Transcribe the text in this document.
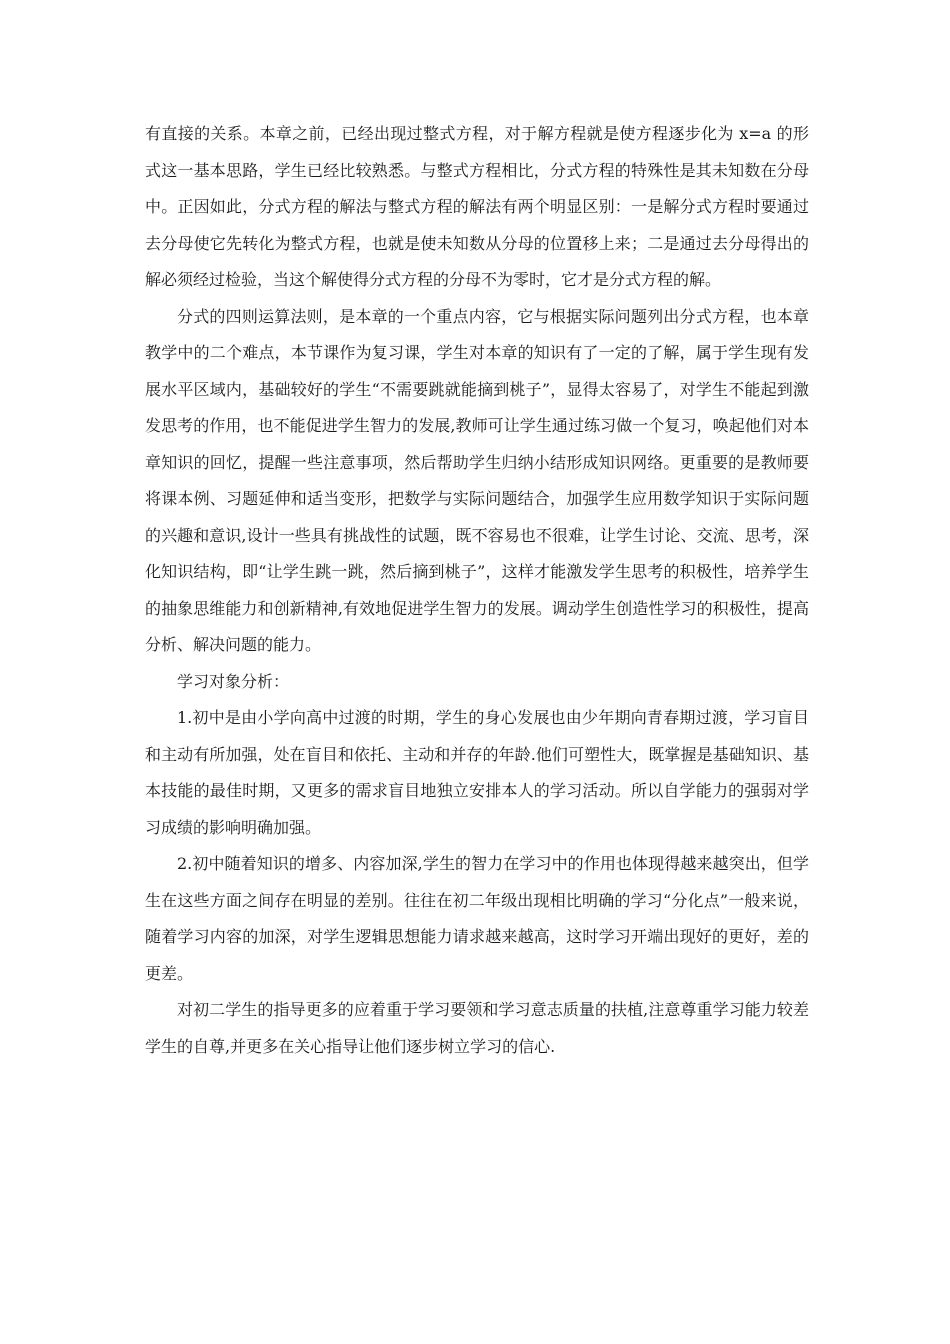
有直接的关系。本章之前，已经出现过整式方程，对于解方程就是使方程逐步化为 x=a 的形式这一基本思路，学生已经比较熟悉。与整式方程相比，分式方程的特殊性是其未知数在分母中。正因如此，分式方程的解法与整式方程的解法有两个明显区别：一是解分式方程时要通过去分母使它先转化为整式方程，也就是使未知数从分母的位置移上来；二是通过去分母得出的解必须经过检验，当这个解使得分式方程的分母不为零时，它才是分式方程的解。

分式的四则运算法则，是本章的一个重点内容，它与根据实际问题列出分式方程，也本章教学中的二个难点，本节课作为复习课，学生对本章的知识有了一定的了解，属于学生现有发展水平区域内，基础较好的学生“不需要跳就能摘到桃子”，显得太容易了，对学生不能起到激发思考的作用，也不能促进学生智力的发展,教师可让学生通过练习做一个复习，唤起他们对本章知识的回忆，提醒一些注意事项，然后帮助学生归纳小结形成知识网络。更重要的是教师要将课本例、习题延伸和适当变形，把数学与实际问题结合，加强学生应用数学知识于实际问题的兴趣和意识,设计一些具有挑战性的试题，既不容易也不很难，让学生讨论、交流、思考，深化知识结构，即“让学生跳一跳，然后摘到桃子”，这样才能激发学生思考的积极性，培养学生的抽象思维能力和创新精神,有效地促进学生智力的发展。调动学生创造性学习的积极性，提高分析、解决问题的能力。

学习对象分析：

1.初中是由小学向高中过渡的时期，学生的身心发展也由少年期向青春期过渡，学习盲目和主动有所加强，处在盲目和依托、主动和并存的年龄.他们可塑性大，既掌握是基础知识、基本技能的最佳时期，又更多的需求盲目地独立安排本人的学习活动。所以自学能力的强弱对学习成绩的影响明确加强。

2.初中随着知识的增多、内容加深,学生的智力在学习中的作用也体现得越来越突出，但学生在这些方面之间存在明显的差别。往往在初二年级出现相比明确的学习“分化点”一般来说，随着学习内容的加深，对学生逻辑思想能力请求越来越高，这时学习开端出现好的更好，差的更差。

对初二学生的指导更多的应着重于学习要领和学习意志质量的扶植,注意尊重学习能力较差学生的自尊,并更多在关心指导让他们逐步树立学习的信心.
